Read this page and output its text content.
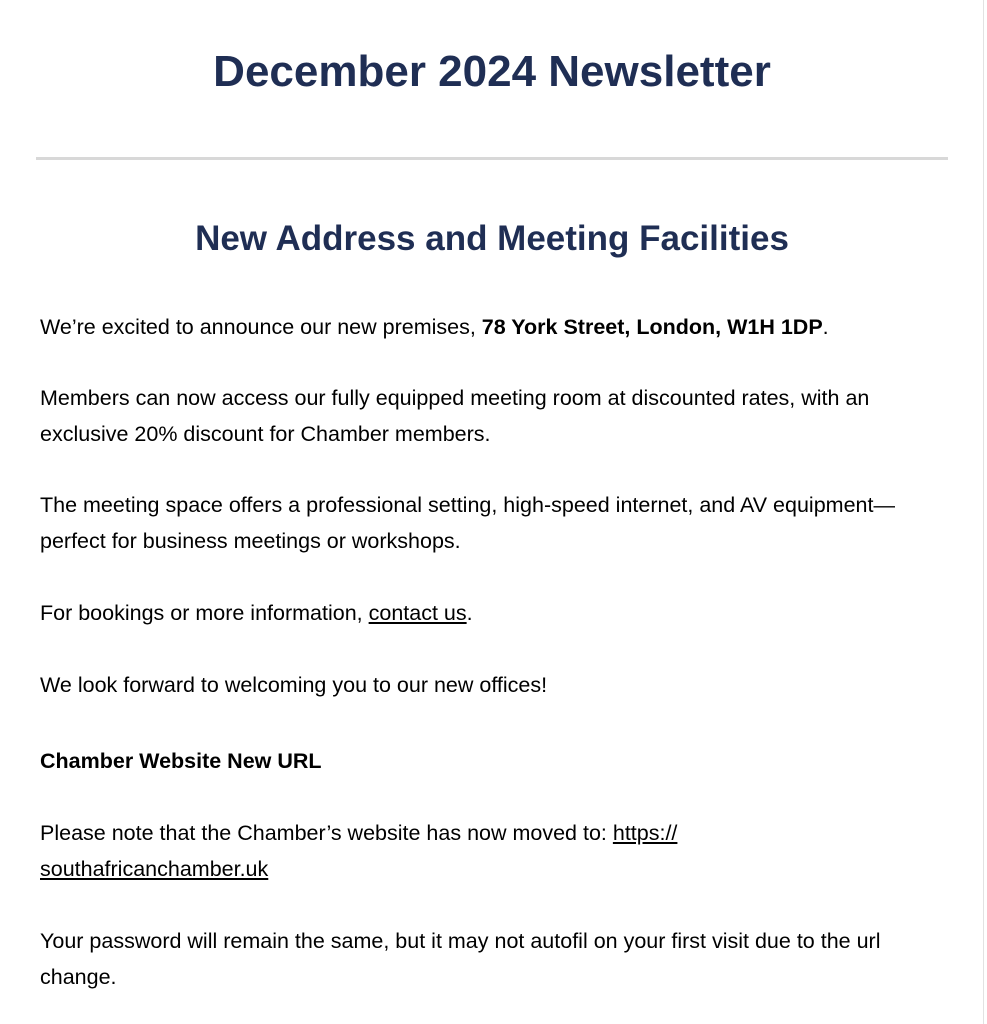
December 2024 Newsletter
New Address and Meeting Facilities

We’re excited to announce our new premises, 78 York Street, London, W1H 1DP.

Members can now access our fully equipped meeting room at discounted rates, with an exclusive 20% discount for Chamber members.

The meeting space offers a professional setting, high-speed internet, and AV equipment—perfect for business meetings or workshops.

For bookings or more information, contact us.

We look forward to welcoming you to our new offices!

Chamber Website New URL

Please note that the Chamber’s website has now moved to: https://
southafricanchamber.uk

Your password will remain the same, but it may not autofil on your first visit due to the url change.
